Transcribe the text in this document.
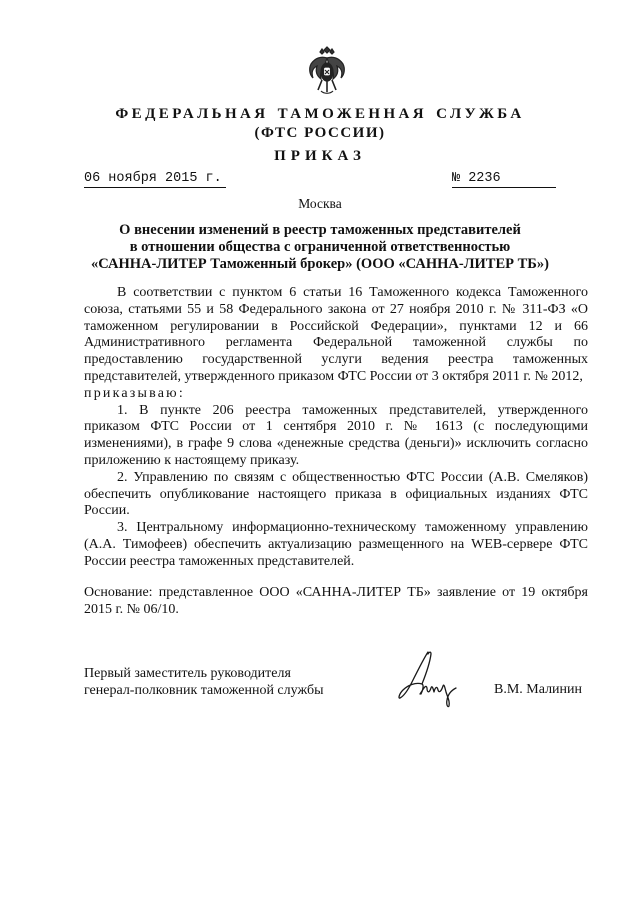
ФЕДЕРАЛЬНАЯ ТАМОЖЕННАЯ СЛУЖБА
(ФТС РОССИИ)
ПРИКАЗ
06 ноября 2015 г.	№ 2236
Москва
О внесении изменений в реестр таможенных представителей
в отношении общества с ограниченной ответственностью
«САННА-ЛИТЕР Таможенный брокер» (ООО «САННА-ЛИТЕР ТБ»)

В соответствии с пунктом 6 статьи 16 Таможенного кодекса Таможенного союза, статьями 55 и 58 Федерального закона от 27 ноября 2010 г. № 311-ФЗ «О таможенном регулировании в Российской Федерации», пунктами 12 и 66 Административного регламента Федеральной таможенной службы по предоставлению государственной услуги ведения реестра таможенных представителей, утвержденного приказом ФТС России от 3 октября 2011 г. № 2012,

приказываю:

1. В пункте 206 реестра таможенных представителей, утвержденного приказом ФТС России от 1 сентября 2010 г. № 1613 (с последующими изменениями), в графе 9 слова «денежные средства (деньги)» исключить согласно приложению к настоящему приказу.

2. Управлению по связям с общественностью ФТС России (А.В. Смеляков) обеспечить опубликование настоящего приказа в официальных изданиях ФТС России.

3. Центральному информационно-техническому таможенному управлению (А.А. Тимофеев) обеспечить актуализацию размещенного на WEB-сервере ФТС России реестра таможенных представителей.

Основание: представленное ООО «САННА-ЛИТЕР ТБ» заявление от 19 октября 2015 г. № 06/10.
Первый заместитель руководителя
генерал-полковник таможенной службы	В.М. Малинин
